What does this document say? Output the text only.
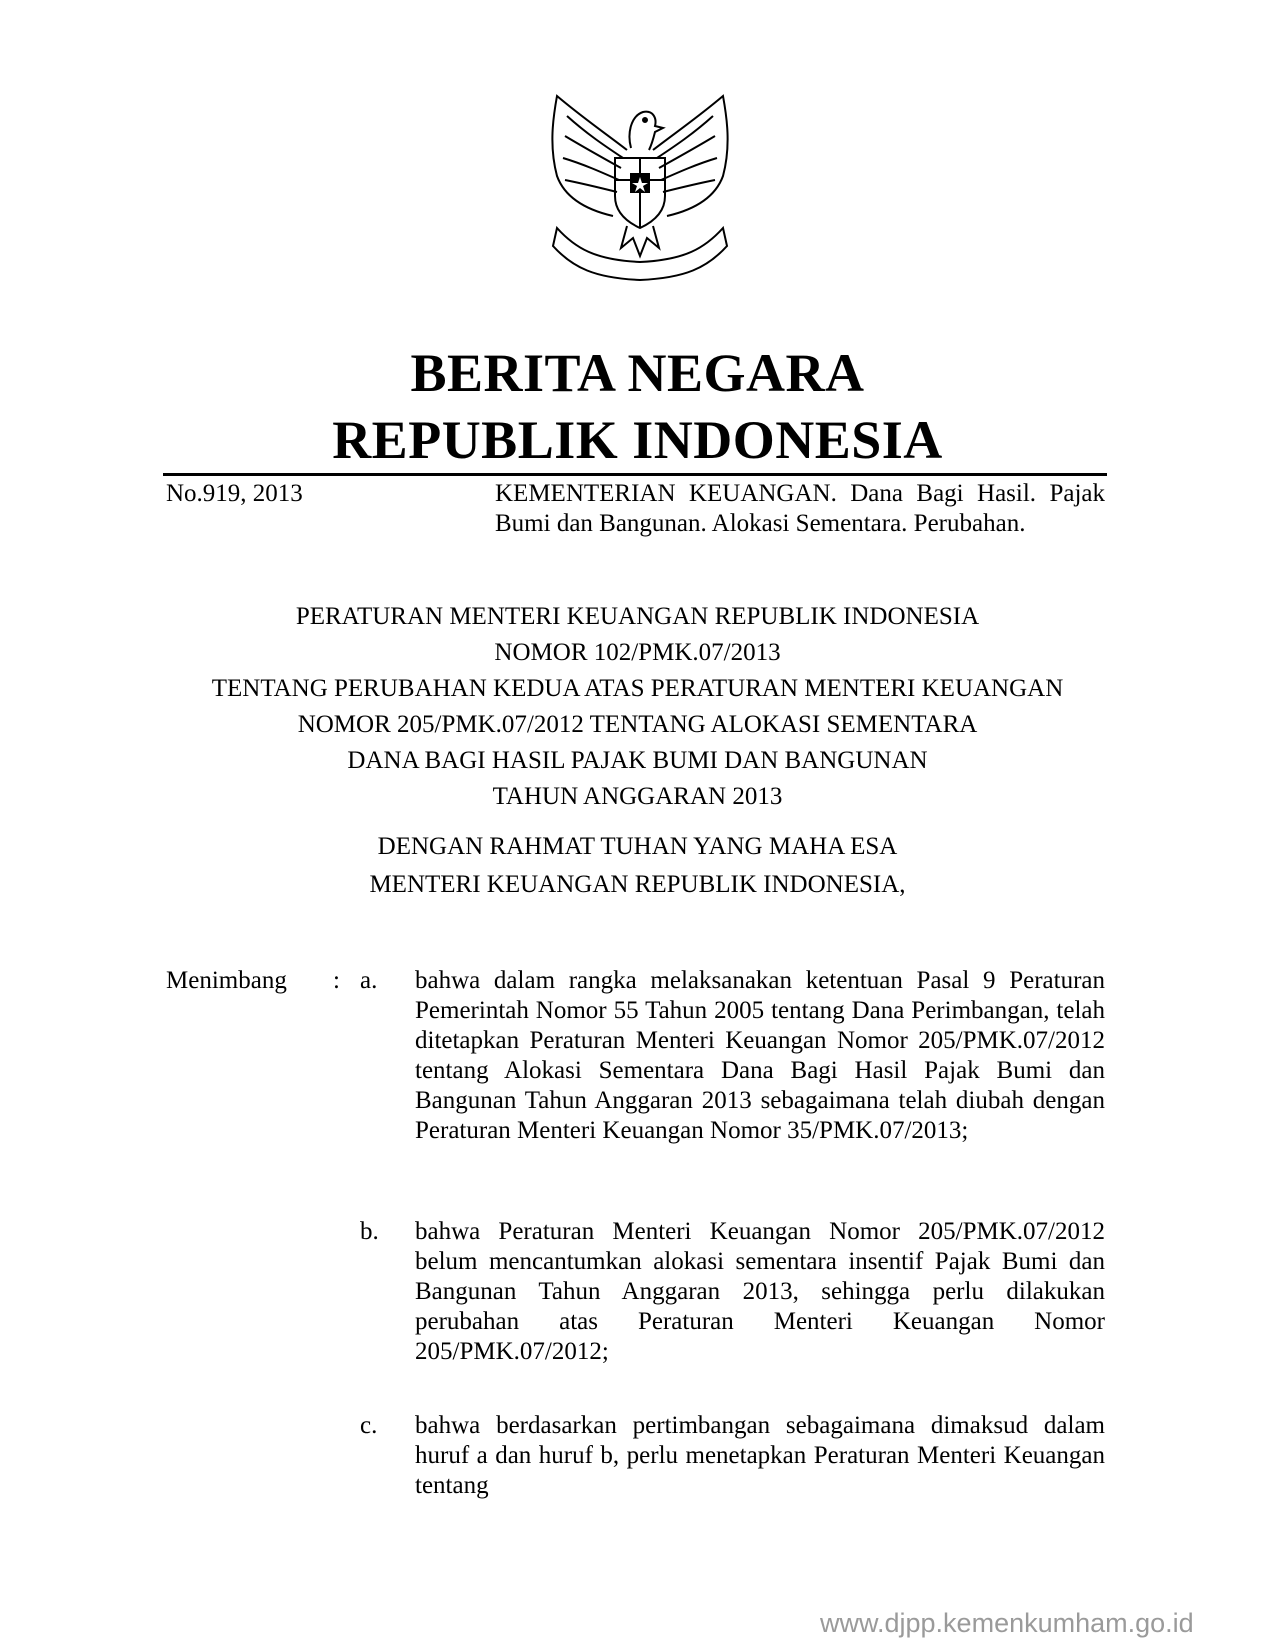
BERITA NEGARA
REPUBLIK INDONESIA
No.919, 2013	KEMENTERIAN KEUANGAN. Dana Bagi Hasil. Pajak Bumi dan Bangunan. Alokasi Sementara. Perubahan.
PERATURAN MENTERI KEUANGAN REPUBLIK INDONESIA
NOMOR 102/PMK.07/2013
TENTANG PERUBAHAN KEDUA ATAS PERATURAN MENTERI KEUANGAN
NOMOR 205/PMK.07/2012 TENTANG ALOKASI SEMENTARA
DANA BAGI HASIL PAJAK BUMI DAN BANGUNAN
TAHUN ANGGARAN 2013
DENGAN RAHMAT TUHAN YANG MAHA ESA
MENTERI KEUANGAN REPUBLIK INDONESIA,
Menimbang : a. bahwa dalam rangka melaksanakan ketentuan Pasal 9 Peraturan Pemerintah Nomor 55 Tahun 2005 tentang Dana Perimbangan, telah ditetapkan Peraturan Menteri Keuangan Nomor 205/PMK.07/2012 tentang Alokasi Sementara Dana Bagi Hasil Pajak Bumi dan Bangunan Tahun Anggaran 2013 sebagaimana telah diubah dengan Peraturan Menteri Keuangan Nomor 35/PMK.07/2013;
b. bahwa Peraturan Menteri Keuangan Nomor 205/PMK.07/2012 belum mencantumkan alokasi sementara insentif Pajak Bumi dan Bangunan Tahun Anggaran 2013, sehingga perlu dilakukan perubahan atas Peraturan Menteri Keuangan Nomor 205/PMK.07/2012;
c. bahwa berdasarkan pertimbangan sebagaimana dimaksud dalam huruf a dan huruf b, perlu menetapkan Peraturan Menteri Keuangan tentang
www.djpp.kemenkumham.go.id
